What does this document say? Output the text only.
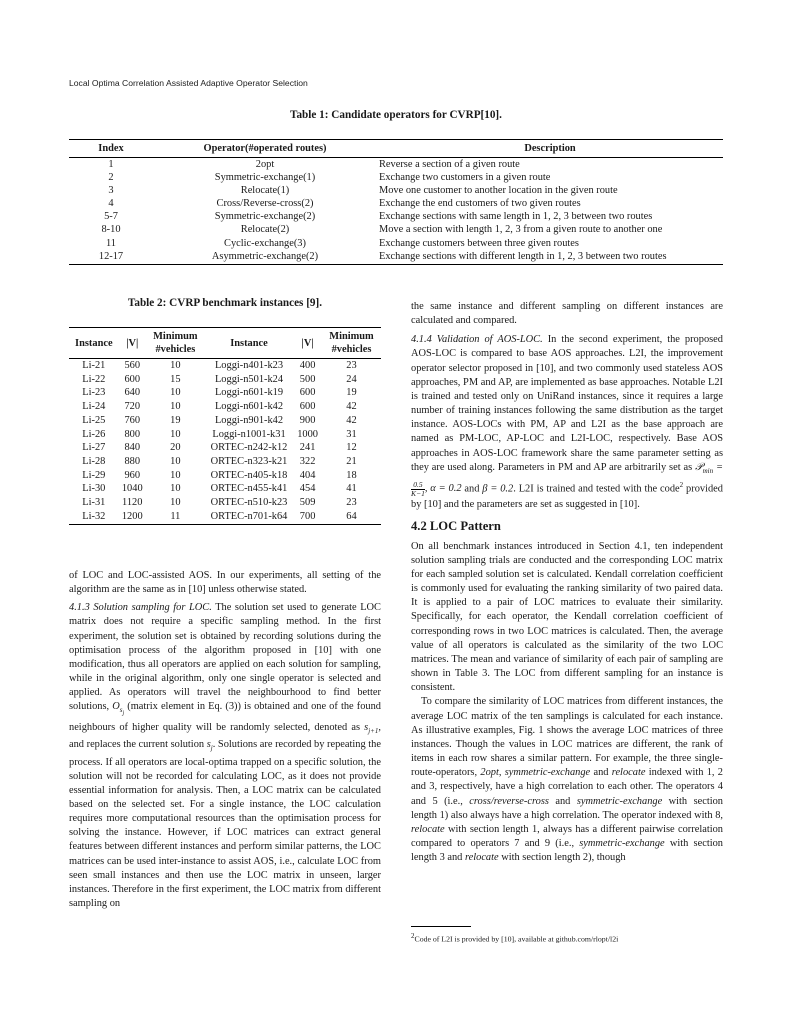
Local Optima Correlation Assisted Adaptive Operator Selection
Table 1: Candidate operators for CVRP[10].
Index	Operator(#operated routes)	Description
1	2opt	Reverse a section of a given route
2	Symmetric-exchange(1)	Exchange two customers in a given route
3	Relocate(1)	Move one customer to another location in the given route
4	Cross/Reverse-cross(2)	Exchange the end customers of two given routes
5-7	Symmetric-exchange(2)	Exchange sections with same length in 1, 2, 3 between two routes
8-10	Relocate(2)	Move a section with length 1, 2, 3 from a given route to another one
11	Cyclic-exchange(3)	Exchange customers between three given routes
12-17	Asymmetric-exchange(2)	Exchange sections with different length in 1, 2, 3 between two routes
Table 2: CVRP benchmark instances [9].
Instance	|V|	Minimum #vehicles	Instance	|V|	Minimum #vehicles
Li-21	560	10	Loggi-n401-k23	400	23
Li-22	600	15	Loggi-n501-k24	500	24
Li-23	640	10	Loggi-n601-k19	600	19
Li-24	720	10	Loggi-n601-k42	600	42
Li-25	760	19	Loggi-n901-k42	900	42
Li-26	800	10	Loggi-n1001-k31	1000	31
Li-27	840	20	ORTEC-n242-k12	241	12
Li-28	880	10	ORTEC-n323-k21	322	21
Li-29	960	10	ORTEC-n405-k18	404	18
Li-30	1040	10	ORTEC-n455-k41	454	41
Li-31	1120	10	ORTEC-n510-k23	509	23
Li-32	1200	11	ORTEC-n701-k64	700	64

of LOC and LOC-assisted AOS. In our experiments, all setting of the algorithm are the same as in [10] unless otherwise stated.

4.1.3 Solution sampling for LOC. The solution set used to generate LOC matrix does not require a specific sampling method. In the first experiment, the solution set is obtained by recording solutions during the optimisation process of the algorithm proposed in [10] with one modification, thus all operators are applied on each solution for sampling, while in the original algorithm, only one single operator is selected and applied. As operators will travel the neighbourhood to find better solutions, $O_{s_j}$ (matrix element in Eq. (3)) is obtained and one of the found neighbours of higher quality will be randomly selected, denoted as $s_{j+1}$, and replaces the current solution $s_j$. Solutions are recorded by repeating the process. If all operators are local-optima trapped on a specific solution, the solution will not be recorded for calculating LOC, as it does not provide essential information for analysis. Then, a LOC matrix can be calculated based on the selected set. For a single instance, the LOC calculation requires more computational resources than the optimisation process for solving the instance. However, if LOC matrices can extract general features between different instances and perform similar patterns, the LOC matrices can be used inter-instance to assist AOS, i.e., calculate LOC from seen small instances and then use the LOC matrix in unseen, larger instances. Therefore in the first experiment, the LOC matrix from different sampling on

the same instance and different sampling on different instances are calculated and compared.

4.1.4 Validation of AOS-LOC. In the second experiment, the proposed AOS-LOC is compared to base AOS approaches. L2I, the improvement operator selector proposed in [10], and two commonly used stateless AOS approaches, PM and AP, are implemented as base approaches. Notable L2I is trained and tested only on UniRand instances, since it requires a large number of training instances following the same distribution as the target instance. AOS-LOCs with PM, AP and L2I as the base approach are named as PM-LOC, AP-LOC and L2I-LOC, respectively. Base AOS approaches in AOS-LOC framework share the same parameter setting as they are used along. Parameters in PM and AP are arbitrarily set as 𝒫$_{min}$ =
$\frac{0.5}{K-1}$ , α = 0.2 and β = 0.2. L2I is trained and tested with the code$^2$ provided by [10] and the parameters are set as suggested in [10].

4.2 LOC Pattern

On all benchmark instances introduced in Section 4.1, ten independent solution sampling trials are conducted and the corresponding LOC matrix for each sampled solution set is calculated. Kendall correlation coefficient is commonly used for evaluating the ranking similarity of two paired data. It is applied to a pair of LOC matrices to evaluate their similarity. Specifically, for each operator, the Kendall correlation coefficient of corresponding rows in two LOC matrices is calculated. Then, the average value of all operators is calculated as the similarity of the two LOC matrices. The mean and variance of similarity of each pair of sampling are shown in Table 3. The LOC from different sampling for an instance is consistent.

To compare the similarity of LOC matrices from different instances, the average LOC matrix of the ten samplings is calculated for each instance. As illustrative examples, Fig. 1 shows the average LOC matrices of three instances. Though the values in LOC matrices are different, the rank of items in each row shares a similar pattern. For example, the three single-route-operators, 2opt, symmetric-exchange and relocate indexed with 1, 2 and 3, respectively, have a high correlation to each other. The operators 4 and 5 (i.e., cross/reverse-cross and symmetric-exchange with section length 1) also always have a high correlation. The operator indexed with 8, relocate with section length 1, always has a different pairwise correlation compared to operators 7 and 9 (i.e., symmetric-exchange with section length 3 and relocate with section length 2), though

$^2$Code of L2I is provided by [10], available at github.com/rlopt/l2i
